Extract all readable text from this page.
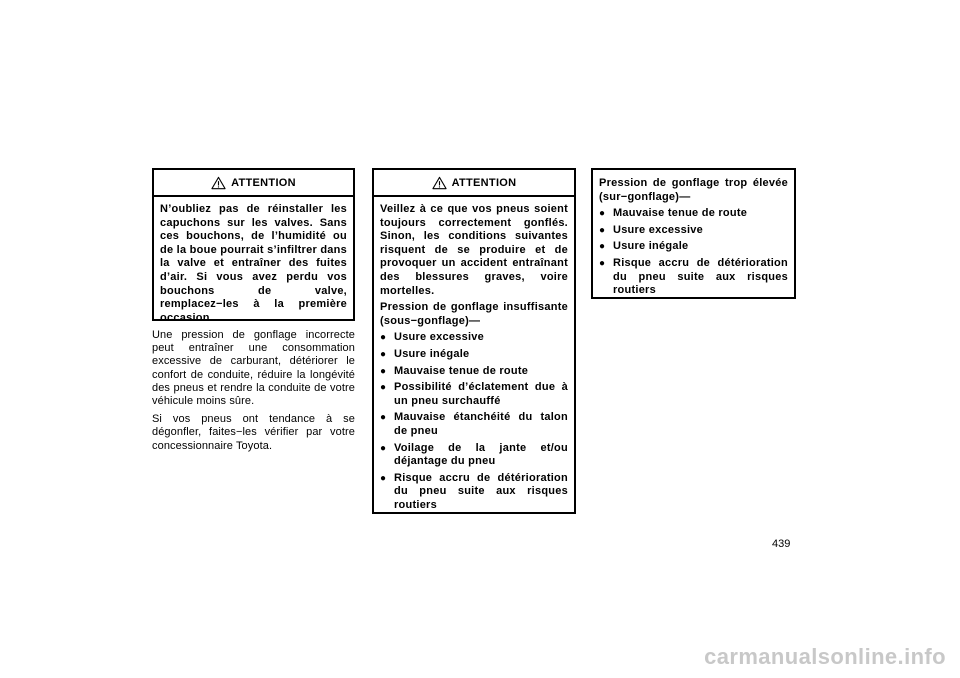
ATTENTION

N’oubliez pas de réinstaller les capuchons sur les valves. Sans ces bouchons, de l’humidité ou de la boue pourrait s’infiltrer dans la valve et entraîner des fuites d’air. Si vous avez perdu vos bouchons de valve, remplacez−les à la première occasion.

Une pression de gonflage incorrecte peut entraîner une consommation excessive de carburant, détériorer le confort de conduite, réduire la longévité des pneus et rendre la conduite de votre véhicule moins sûre.

Si vos pneus ont tendance à se dégonfler, faites−les vérifier par votre concessionnaire Toyota.

ATTENTION

Veillez à ce que vos pneus soient toujours correctement gonflés. Sinon, les conditions suivantes risquent de se produire et de provoquer un accident entraînant des blessures graves, voire mortelles.

Pression de gonflage insuffisante (sous−gonflage)—

● Usure excessive
● Usure inégale
● Mauvaise tenue de route
● Possibilité d’éclatement due à un pneu surchauffé
● Mauvaise étanchéité du talon de pneu
● Voilage de la jante et/ou déjantage du pneu
● Risque accru de détérioration du pneu suite aux risques routiers

Pression de gonflage trop élevée (sur−gonflage)—

● Mauvaise tenue de route
● Usure excessive
● Usure inégale
● Risque accru de détérioration du pneu suite aux risques routiers
439
carmanualsonline.info
